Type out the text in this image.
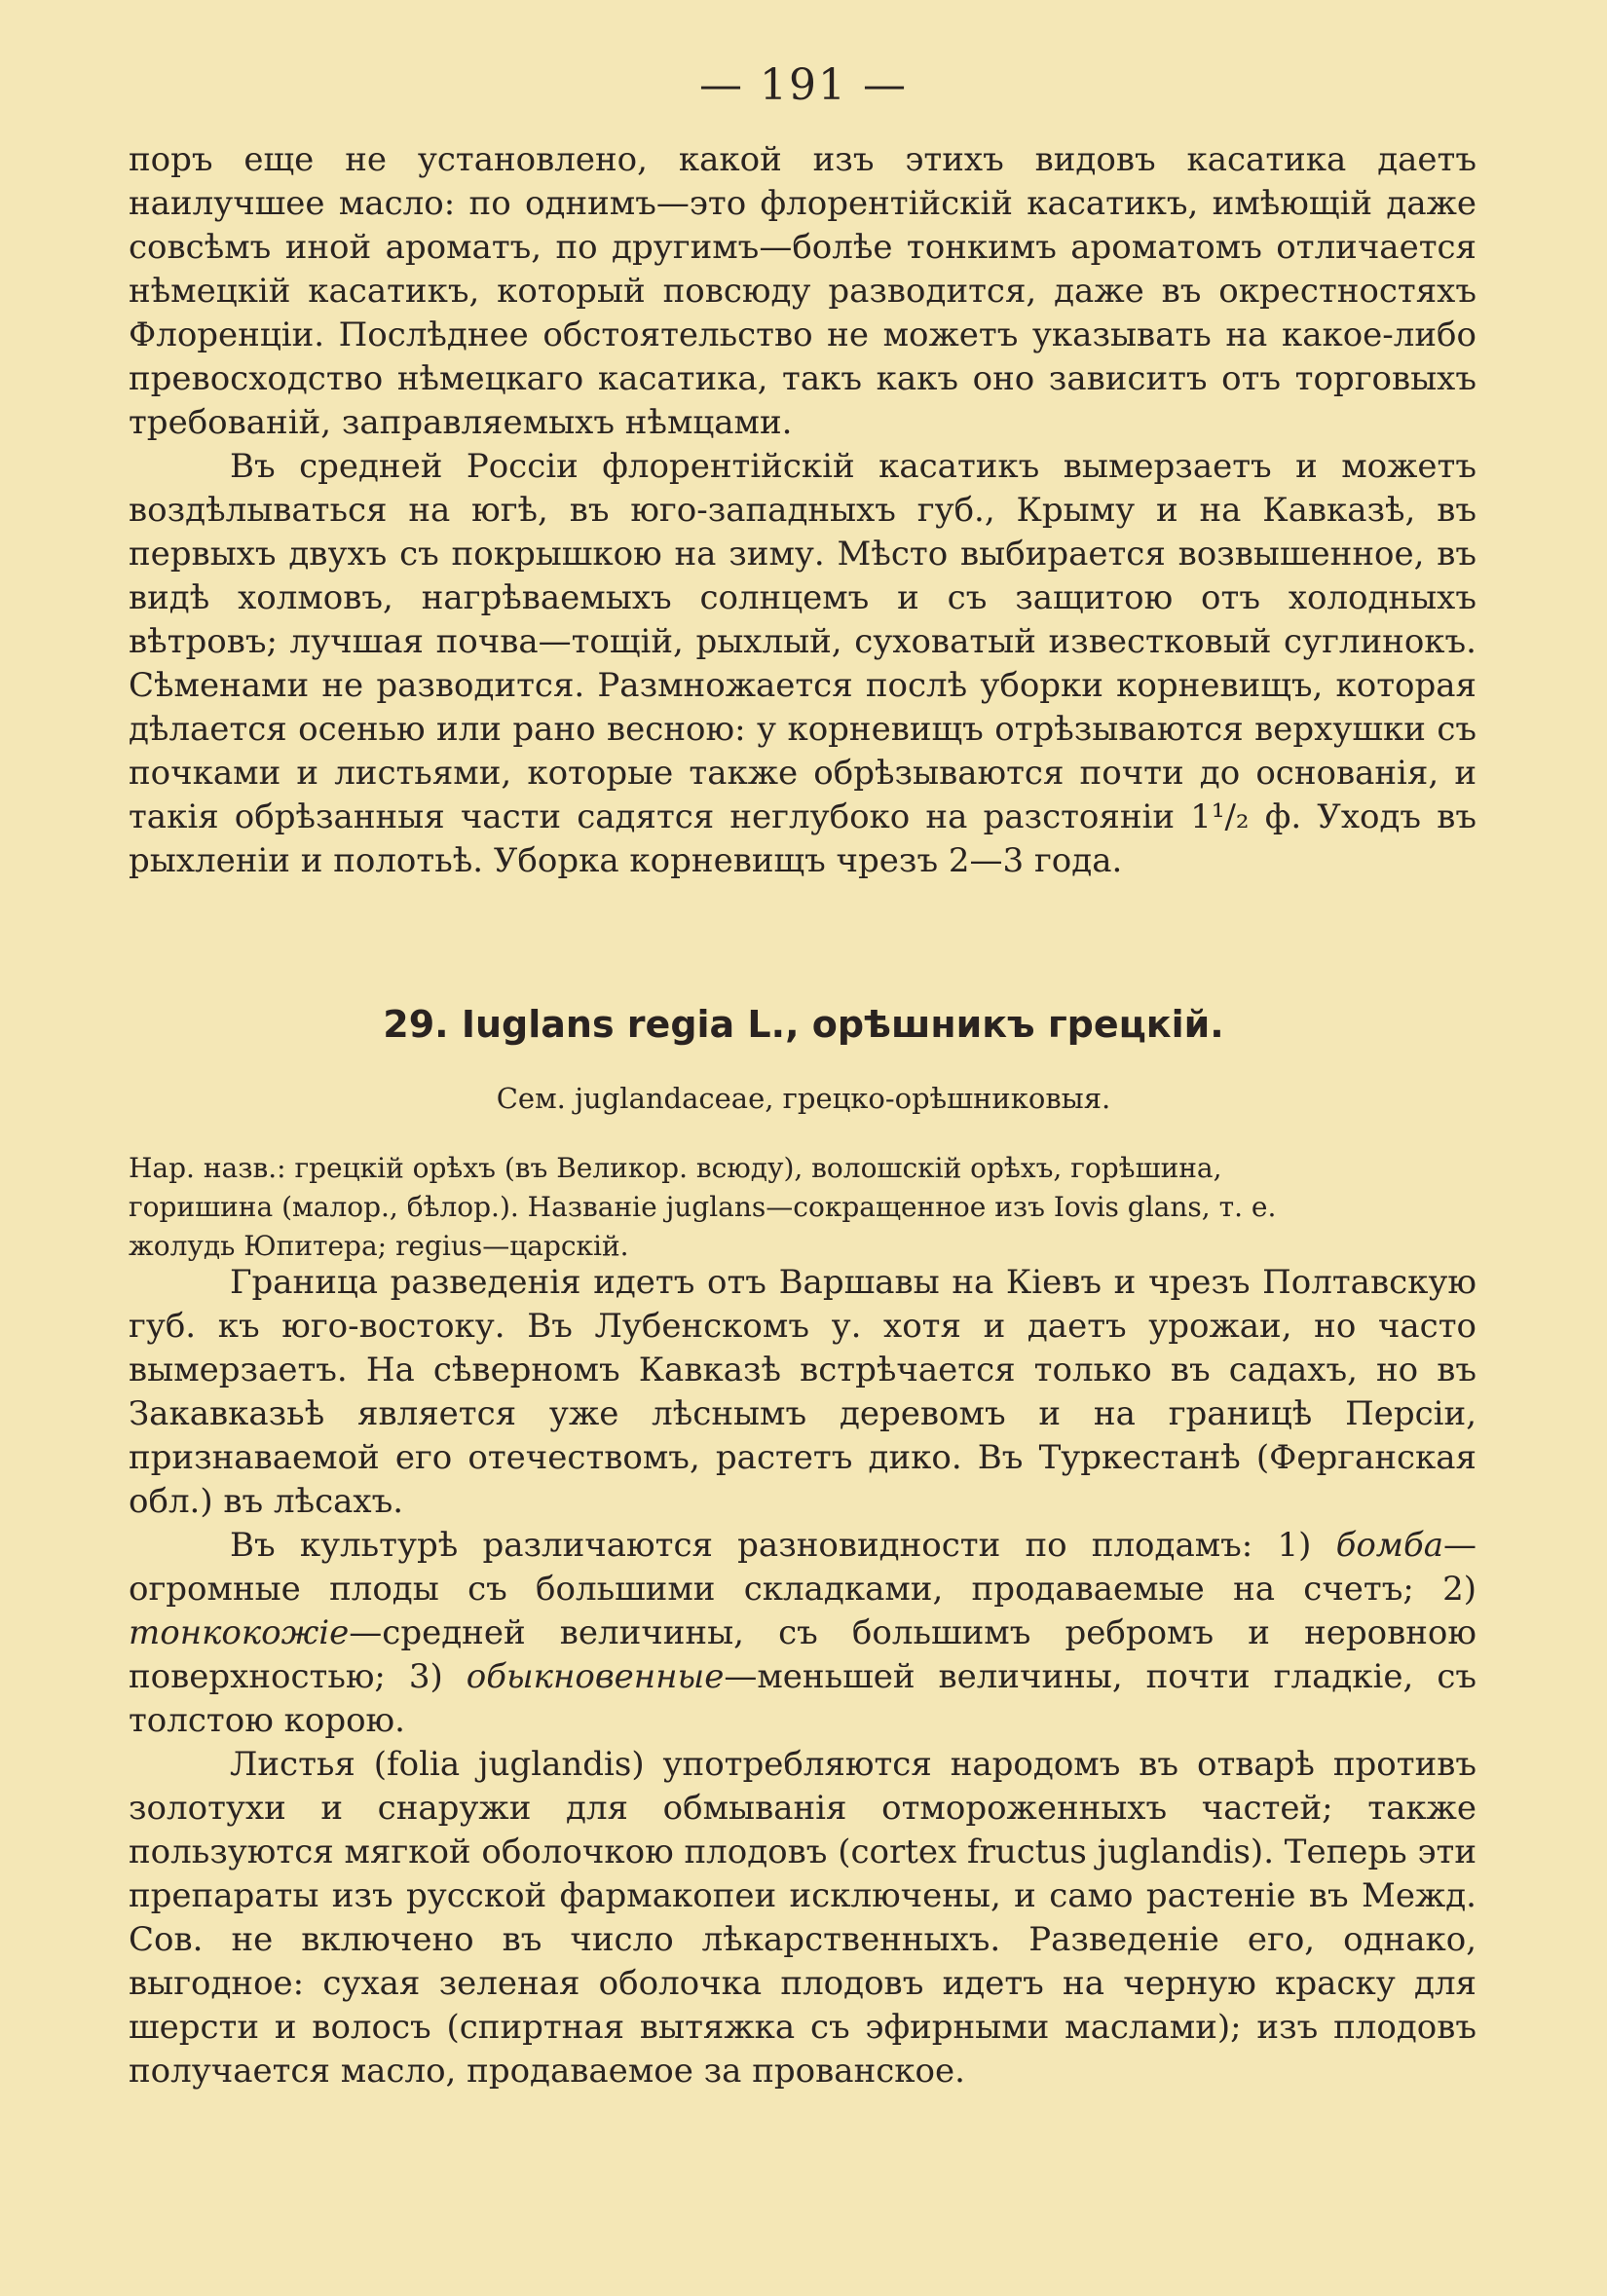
— 191 —

поръ еще не установлено, какой изъ этихъ видовъ касатика даетъ наилучшее масло: по однимъ—это флорентійскій касатикъ, имѣющій даже совсѣмъ иной ароматъ, по другимъ—болѣе тонкимъ ароматомъ отличается нѣмецкій касатикъ, который повсюду разводится, даже въ окрестностяхъ Флоренціи. Послѣднее обстоятельство не можетъ указывать на какое-либо превосходство нѣмецкаго касатика, такъ какъ оно зависитъ отъ торговыхъ требованій, заправляемыхъ нѣмцами.

Въ средней Россіи флорентійскій касатикъ вымерзаетъ и можетъ воздѣлываться на югѣ, въ юго-западныхъ губ., Крыму и на Кавказѣ, въ первыхъ двухъ съ покрышкою на зиму. Мѣсто выбирается возвышенное, въ видѣ холмовъ, нагрѣваемыхъ солнцемъ и съ защитою отъ холодныхъ вѣтровъ; лучшая почва—тощій, рыхлый, суховатый известковый суглинокъ. Сѣменами не разводится. Размножается послѣ уборки корневищъ, которая дѣлается осенью или рано весною: у корневищъ отрѣзываются верхушки съ почками и листьями, которые также обрѣзываются почти до основанія, и такія обрѣзанныя части садятся неглубоко на разстояніи 1¹/₂ ф. Уходъ въ рыхленіи и полотьѣ. Уборка корневищъ чрезъ 2—3 года.

29. Iuglans regia L., орѣшникъ грецкій.
Сем. juglandaceae, грецко-орѣшниковыя.

Нар. назв.: грецкій орѣхъ (въ Великор. всюду), волошскій орѣхъ, горѣшина,

горишина (малор., бѣлор.). Названіе juglans—сокращенное изъ Iovis glans, т. е.

жолудь Юпитера; regius—царскій.

Граница разведенія идетъ отъ Варшавы на Кіевъ и чрезъ Полтавскую губ. къ юго-востоку. Въ Лубенскомъ у. хотя и даетъ урожаи, но часто вымерзаетъ. На сѣверномъ Кавказѣ встрѣчается только въ садахъ, но въ Закавказьѣ является уже лѣснымъ деревомъ и на границѣ Персіи, признаваемой его отечествомъ, растетъ дико. Въ Туркестанѣ (Ферганская обл.) въ лѣсахъ.

Въ культурѣ различаются разновидности по плодамъ: 1) бомба—огромные плоды съ большими складками, продаваемые на счетъ; 2) тонкокожіе—средней величины, съ большимъ ребромъ и неровною поверхностью; 3) обыкновенные—меньшей величины, почти гладкіе, съ толстою корою.

Листья (folia juglandis) употребляются народомъ въ отварѣ противъ золотухи и снаружи для обмыванія отмороженныхъ частей; также пользуются мягкой оболочкою плодовъ (cortex fructus juglandis). Теперь эти препараты изъ русской фармакопеи исключены, и само растеніе въ Межд. Сов. не включено въ число лѣкарственныхъ. Разведеніе его, однако, выгодное: сухая зеленая оболочка плодовъ идетъ на черную краску для шерсти и волосъ (спиртная вытяжка съ эфирными маслами); изъ плодовъ получается масло, продаваемое за прованское.
